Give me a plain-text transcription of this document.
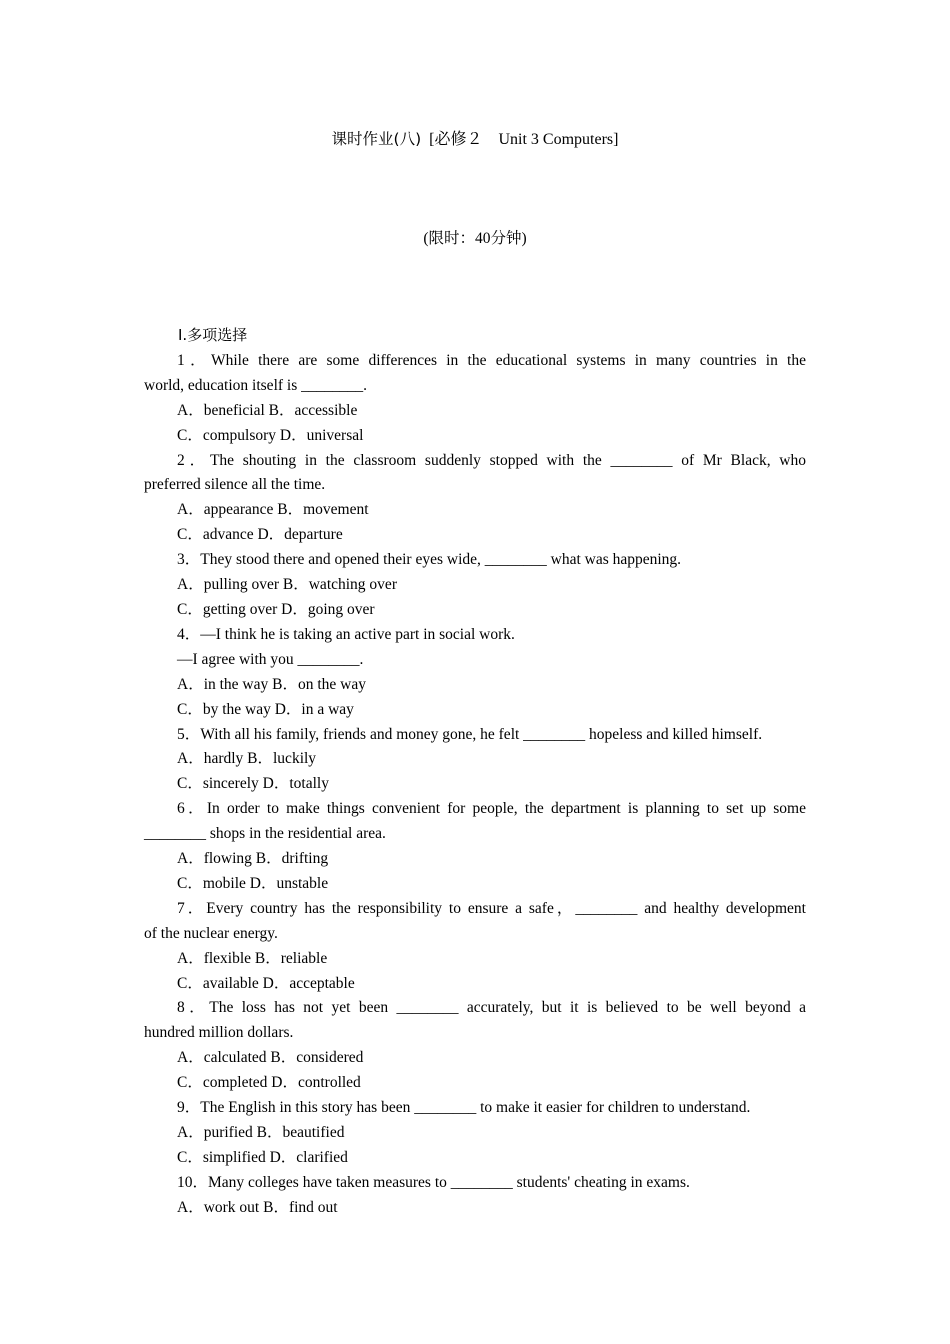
课时作业(八) [必修２　Unit 3 Computers]
(限时：40分钟)
Ⅰ.多项选择
1．While there are some differences in the educational systems in many countries in the
world, education itself is ________.
A．beneficial B．accessible
C．compulsory D．universal
2．The shouting in the classroom suddenly stopped with the ________ of Mr Black, who
preferred silence all the time.
A．appearance B．movement
C．advance D．departure
3．They stood there and opened their eyes wide, ________ what was happening.
A．pulling over B．watching over
C．getting over D．going over
4．—I think he is taking an active part in social work.
—I agree with you ________.
A．in the way B．on the way
C．by the way D．in a way
5．With all his family, friends and money gone, he felt ________ hopeless and killed himself.
A．hardly B．luckily
C．sincerely D．totally
6．In order to make things convenient for people, the department is planning to set up some
________ shops in the residential area.
A．flowing B．drifting
C．mobile D．unstable
7．Every country has the responsibility to ensure a safe，________ and healthy development
of the nuclear energy.
A．flexible B．reliable
C．available D．acceptable
8．The loss has not yet been ________ accurately, but it is believed to be well beyond a
hundred million dollars.
A．calculated B．considered
C．completed D．controlled
9．The English in this story has been ________ to make it easier for children to understand.
A．purified B．beautified
C．simplified D．clarified
10．Many colleges have taken measures to ________ students' cheating in exams.
A．work out B．find out
